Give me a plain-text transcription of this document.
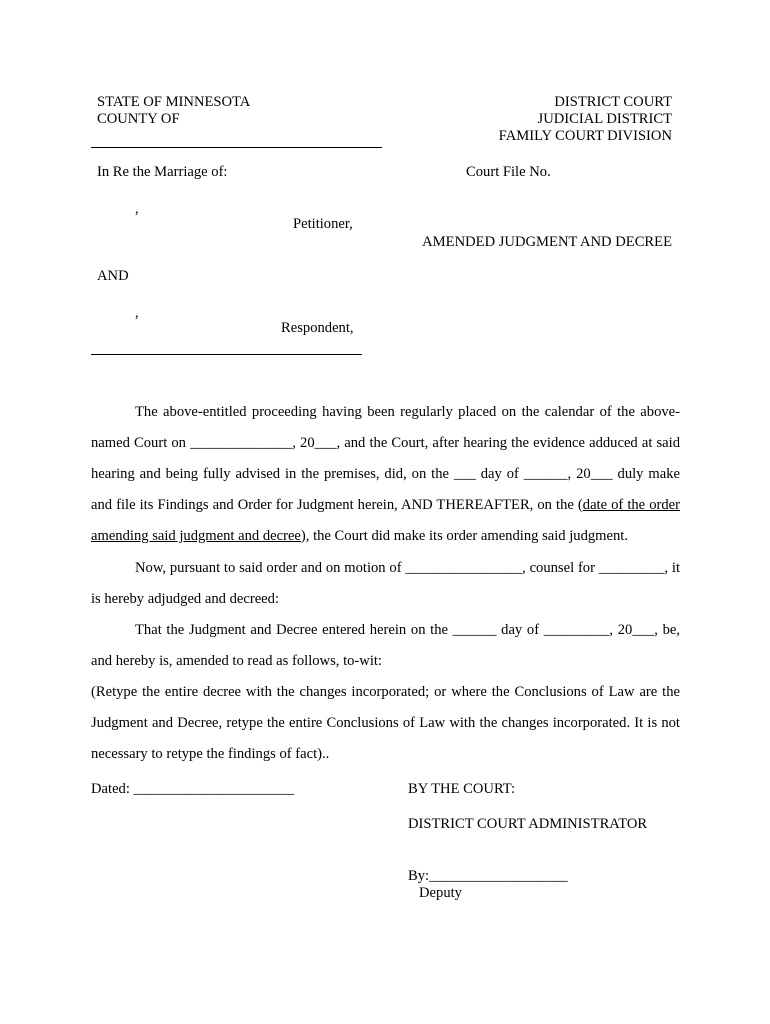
STATE OF MINNESOTA
COUNTY OF
DISTRICT COURT
JUDICIAL DISTRICT
FAMILY COURT DIVISION
In Re the Marriage of:	Court File No.
,
Petitioner,
AMENDED JUDGMENT AND DECREE
AND
,
Respondent,
The above-entitled proceeding having been regularly placed on the calendar of the above-named Court on ______________, 20___, and the Court, after hearing the evidence adduced at said hearing and being fully advised in the premises, did, on the ___ day of ______, 20___ duly make and file its Findings and Order for Judgment herein, AND THEREAFTER, on the (date of the order amending said judgment and decree), the Court did make its order amending said judgment.
Now, pursuant to said order and on motion of ________________, counsel for _________, it is hereby adjudged and decreed:
That the Judgment and Decree entered herein on the ______ day of _________, 20___, be, and hereby is, amended to read as follows, to-wit:
(Retype the entire decree with the changes incorporated; or where the Conclusions of Law are the Judgment and Decree, retype the entire Conclusions of Law with the changes incorporated. It is not necessary to retype the findings of fact)..
Dated: ______________________	BY THE COURT:
DISTRICT COURT ADMINISTRATOR
By:___________________
Deputy
